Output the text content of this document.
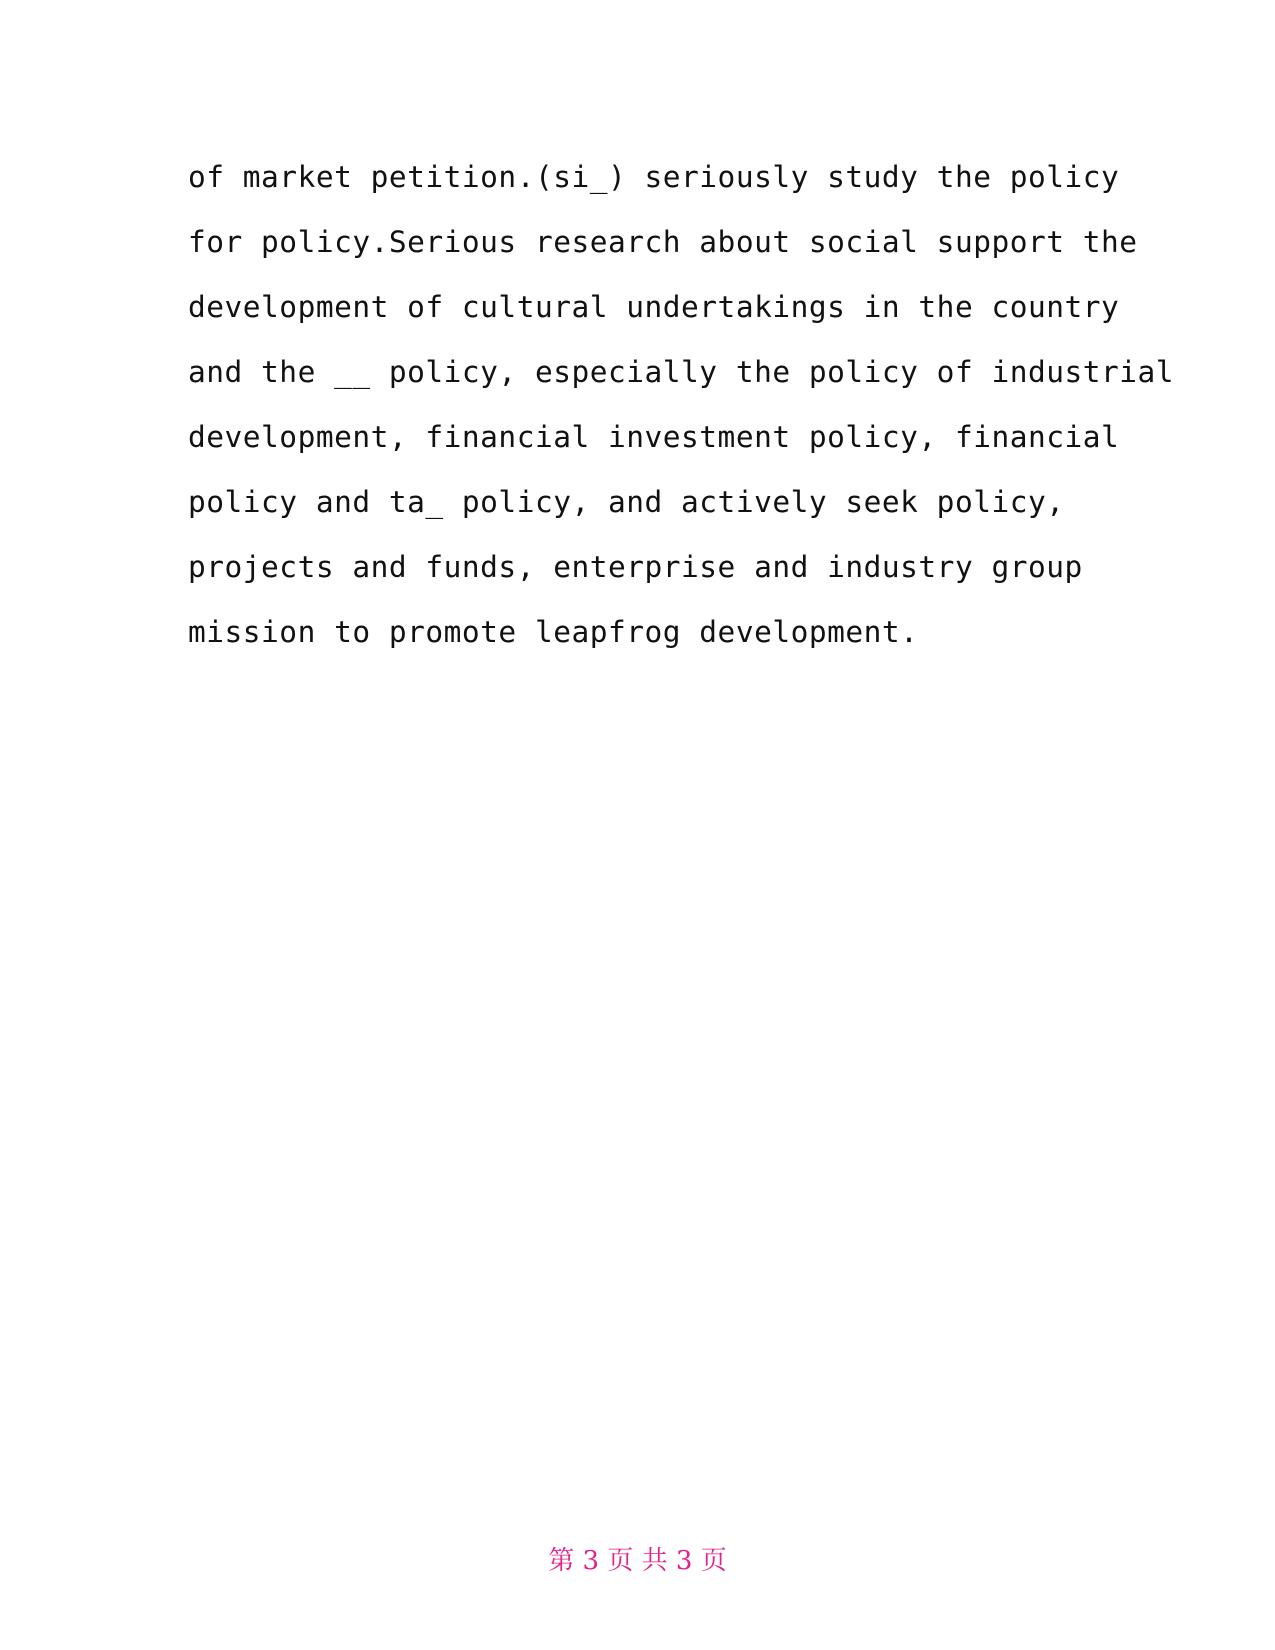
of market petition.(si_) seriously study the policy
for policy.Serious research about social support the
development of cultural undertakings in the country
and the __ policy, especially the policy of industrial
development, financial investment policy, financial
policy and ta_ policy, and actively seek policy,
projects and funds, enterprise and industry group
mission to promote leapfrog development.
第 3 页 共 3 页
